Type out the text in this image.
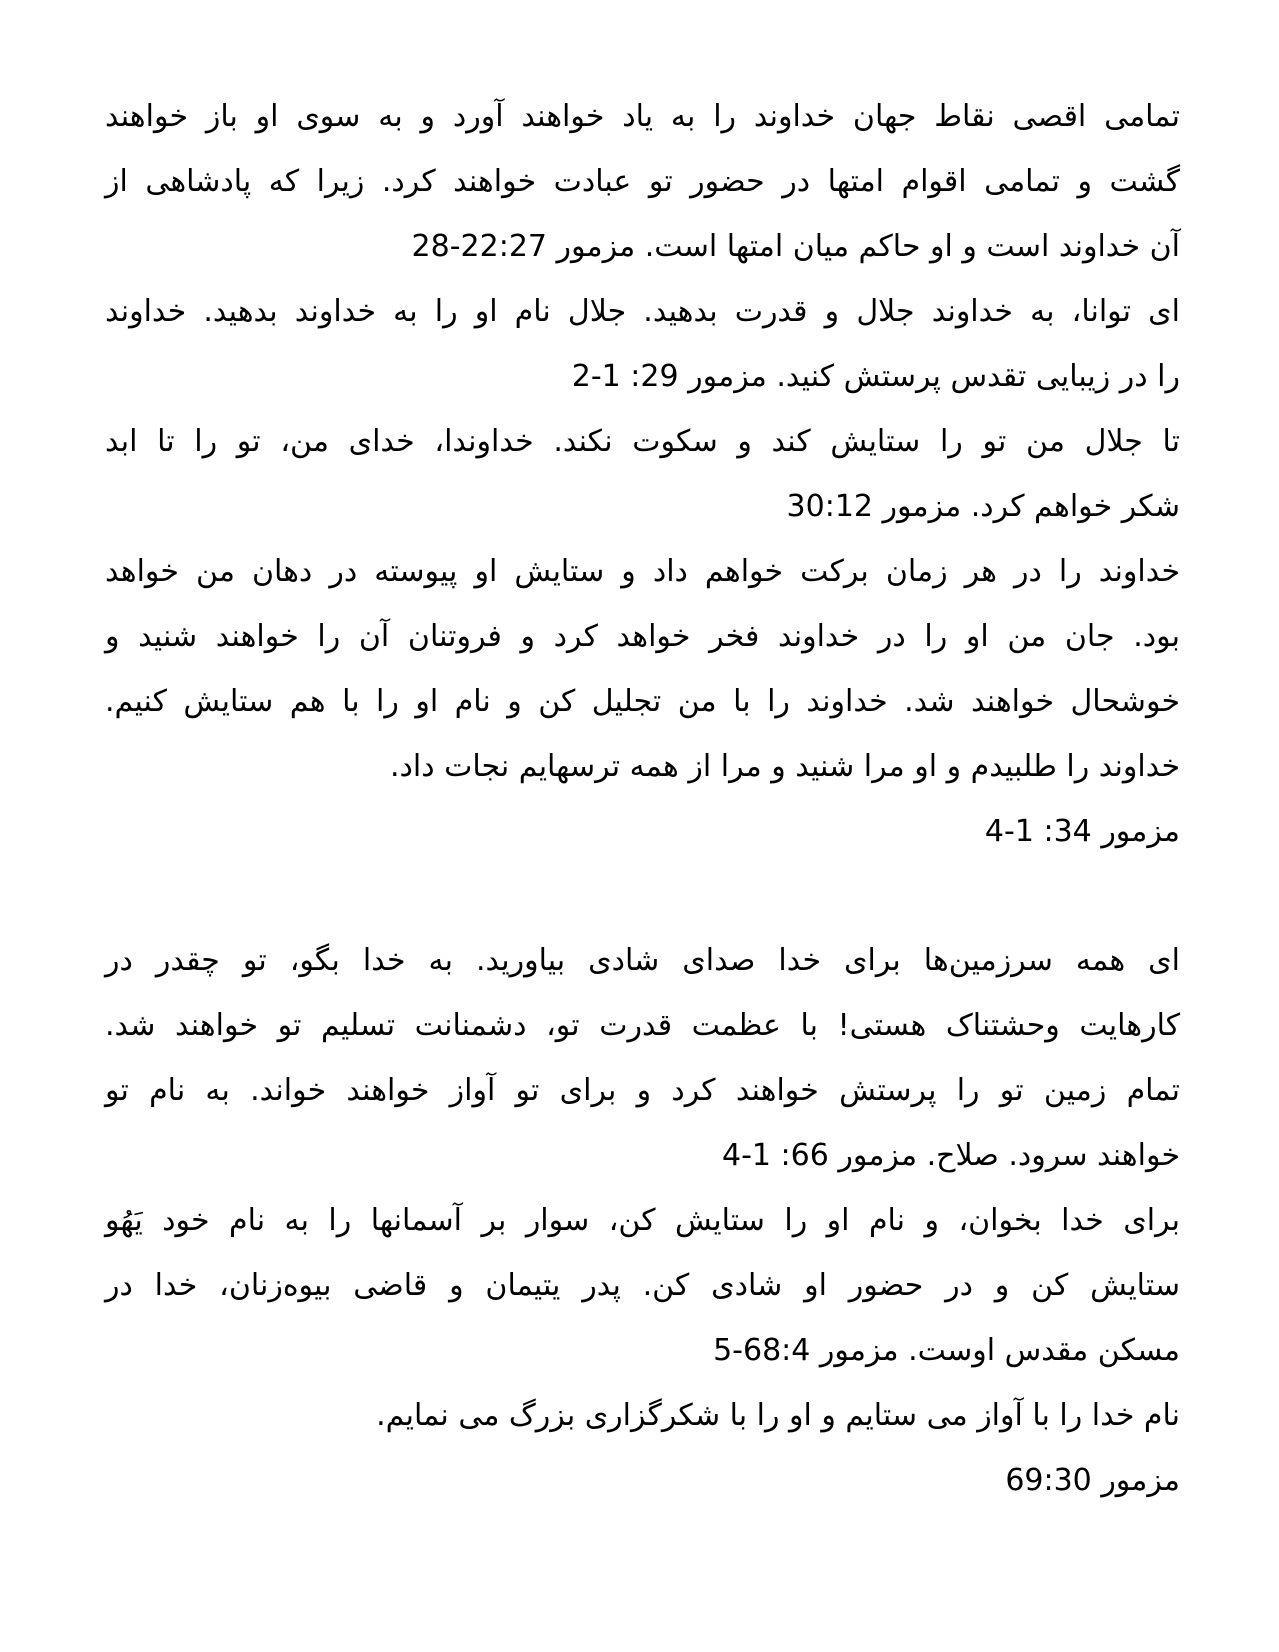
تمامی اقصی نقاط جهان خداوند را به یاد خواهند آورد و به سوی او باز خواهند
گشت و تمامی اقوام امتها در حضور تو عبادت خواهند کرد. زیرا که پادشاهی از
آن خداوند است و او حاکم میان امتها است. مزمور 22:27-28

ای توانا، به خداوند جلال و قدرت بدهید. جلال نام او را به خداوند بدهید. خداوند
را در زیبایی تقدس پرستش کنید. مزمور 29: 1-2

تا جلال من تو را ستایش کند و سکوت نکند. خداوندا، خدای من، تو را تا ابد
شکر خواهم کرد. مزمور 30:12

خداوند را در هر زمان برکت خواهم داد و ستایش او پیوسته در دهان من خواهد
بود. جان من او را در خداوند فخر خواهد کرد و فروتنان آن را خواهند شنید و
خوشحال خواهند شد. خداوند را با من تجلیل کن و نام او را با هم ستایش کنیم.
خداوند را طلبیدم و او مرا شنید و مرا از همه ترسهایم نجات داد.
مزمور 34: 1-4

ای همه سرزمین‌ها برای خدا صدای شادی بیاورید. به خدا بگو، تو چقدر در
کارهایت وحشتناک هستی! با عظمت قدرت تو، دشمنانت تسلیم تو خواهند شد.
تمام زمین تو را پرستش خواهند کرد و برای تو آواز خواهند خواند. به نام تو
خواهند سرود. صلاح. مزمور 66: 1-4

برای خدا بخوان، و نام او را ستایش کن، سوار بر آسمانها را به نام خود یَهُو
ستایش کن و در حضور او شادی کن. پدر یتیمان و قاضی بیوه‌زنان، خدا در
مسکن مقدس اوست. مزمور 68:4-5

نام خدا را با آواز می ستایم و او را با شکرگزاری بزرگ می نمایم.
مزمور 69:30
